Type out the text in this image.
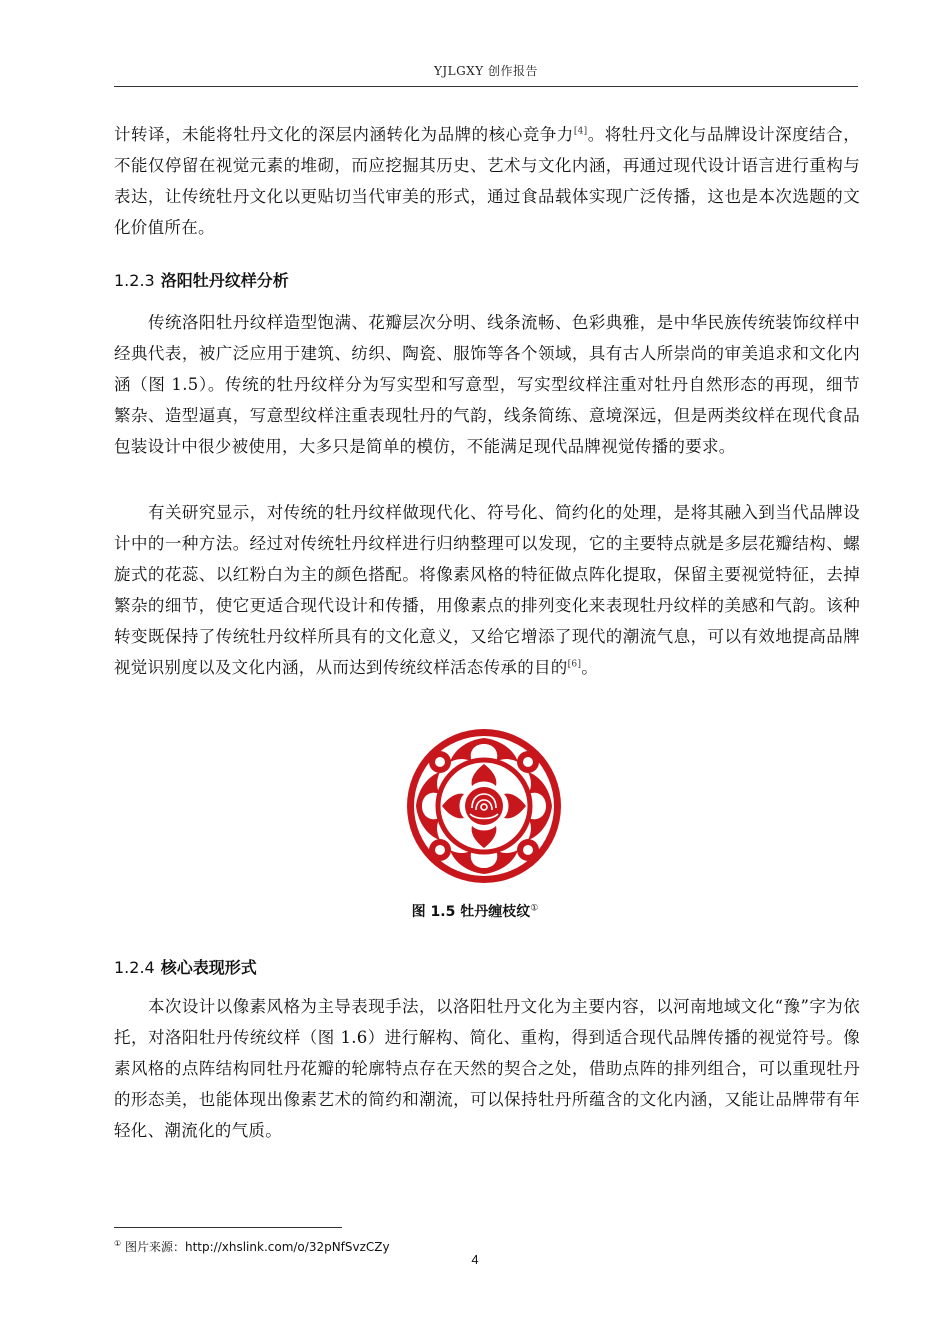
YJLGXY 创作报告

计转译，未能将牡丹文化的深层内涵转化为品牌的核心竞争力[4]。将牡丹文化与品牌设计深度结合，不能仅停留在视觉元素的堆砌，而应挖掘其历史、艺术与文化内涵，再通过现代设计语言进行重构与表达，让传统牡丹文化以更贴切当代审美的形式，通过食品载体实现广泛传播，这也是本次选题的文化价值所在。

1.2.3 洛阳牡丹纹样分析

传统洛阳牡丹纹样造型饱满、花瓣层次分明、线条流畅、色彩典雅，是中华民族传统装饰纹样中经典代表，被广泛应用于建筑、纺织、陶瓷、服饰等各个领域，具有古人所崇尚的审美追求和文化内涵（图 1.5）。传统的牡丹纹样分为写实型和写意型，写实型纹样注重对牡丹自然形态的再现，细节繁杂、造型逼真，写意型纹样注重表现牡丹的气韵，线条简练、意境深远，但是两类纹样在现代食品包装设计中很少被使用，大多只是简单的模仿，不能满足现代品牌视觉传播的要求。

有关研究显示，对传统的牡丹纹样做现代化、符号化、简约化的处理，是将其融入到当代品牌设计中的一种方法。经过对传统牡丹纹样进行归纳整理可以发现，它的主要特点就是多层花瓣结构、螺旋式的花蕊、以红粉白为主的颜色搭配。将像素风格的特征做点阵化提取，保留主要视觉特征，去掉繁杂的细节，使它更适合现代设计和传播，用像素点的排列变化来表现牡丹纹样的美感和气韵。该种转变既保持了传统牡丹纹样所具有的文化意义，又给它增添了现代的潮流气息，可以有效地提高品牌视觉识别度以及文化内涵，从而达到传统纹样活态传承的目的[6]。

图 1.5 牡丹缠枝纹①
1.2.4 核心表现形式

本次设计以像素风格为主导表现手法，以洛阳牡丹文化为主要内容，以河南地域文化“豫”字为依托，对洛阳牡丹传统纹样（图 1.6）进行解构、简化、重构，得到适合现代品牌传播的视觉符号。像素风格的点阵结构同牡丹花瓣的轮廓特点存在天然的契合之处，借助点阵的排列组合，可以重现牡丹的形态美，也能体现出像素艺术的简约和潮流，可以保持牡丹所蕴含的文化内涵，又能让品牌带有年轻化、潮流化的气质。

① 图片来源：http://xhslink.com/o/32pNfSvzCZy
4
